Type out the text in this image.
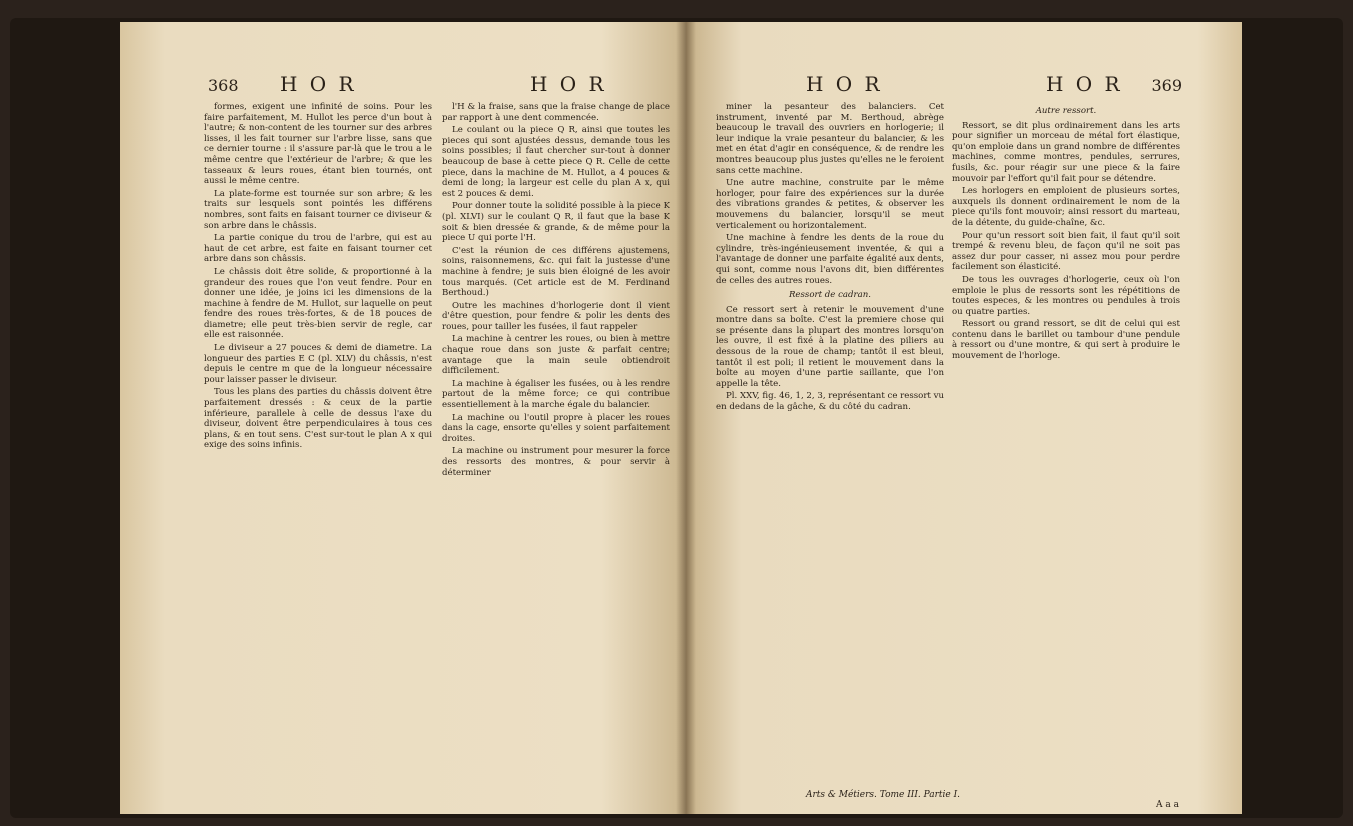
368 H O R	H O R

formes, exigent une infinité de soins. Pour les faire parfaitement, M. Hullot les perce d'un bout à l'autre; & non-content de les tourner sur des arbres lisses, il les fait tourner sur l'arbre lisse, sans que ce dernier tourne : il s'assure par-là que le trou a le même centre que l'extérieur de l'arbre; & que les tasseaux & leurs roues, étant bien tournés, ont aussi le même centre.

La plate-forme est tournée sur son arbre; & les traits sur lesquels sont pointés les différens nombres, sont faits en faisant tourner ce diviseur & son arbre dans le châssis.

La partie conique du trou de l'arbre, qui est au haut de cet arbre, est faite en faisant tourner cet arbre dans son châssis.

Le châssis doit être solide, & proportionné à la grandeur des roues que l'on veut fendre. Pour en donner une idée, je joins ici les dimensions de la machine à fendre de M. Hullot, sur laquelle on peut fendre des roues très-fortes, & de 18 pouces de diametre; elle peut très-bien servir de regle, car elle est raisonnée.

Le diviseur a 27 pouces & demi de diametre. La longueur des parties E C (pl. XLV) du châssis, n'est depuis le centre m que de la longueur nécessaire pour laisser passer le diviseur.

Tous les plans des parties du châssis doivent être parfaitement dressés : & ceux de la partie inférieure, parallele à celle de dessus l'axe du diviseur, doivent être perpendiculaires à tous ces plans, & en tout sens. C'est sur-tout le plan A x qui exige des soins infinis.

l'H & la fraise, sans que la fraise change de place par rapport à une dent commencée.

Le coulant ou la piece Q R, ainsi que toutes les pieces qui sont ajustées dessus, demande tous les soins possibles; il faut chercher sur-tout à donner beaucoup de base à cette piece Q R. Celle de cette piece, dans la machine de M. Hullot, a 4 pouces & demi de long; la largeur est celle du plan A x, qui est 2 pouces & demi.

Pour donner toute la solidité possible à la piece K (pl. XLVI) sur le coulant Q R, il faut que la base K soit & bien dressée & grande, & de même pour la piece U qui porte l'H.

C'est la réunion de ces différens ajustemens, soins, raisonnemens, &c. qui fait la justesse d'une machine à fendre; je suis bien éloigné de les avoir tous marqués. (Cet article est de M. Ferdinand Berthoud.)

Outre les machines d'horlogerie dont il vient d'être question, pour fendre & polir les dents des roues, pour tailler les fusées, il faut rappeler

La machine à centrer les roues, ou bien à mettre chaque roue dans son juste & parfait centre; avantage que la main seule obtiendroit difficilement.

La machine à égaliser les fusées, ou à les rendre partout de la même force; ce qui contribue essentiellement à la marche égale du balancier.

La machine ou l'outil propre à placer les roues dans la cage, ensorte qu'elles y soient parfaitement droites.

La machine ou instrument pour mesurer la force des ressorts des montres, & pour servir à déterminer

H O R	H O R 369

miner la pesanteur des balanciers. Cet instrument, inventé par M. Berthoud, abrège beaucoup le travail des ouvriers en horlogerie; il leur indique la vraie pesanteur du balancier, & les met en état d'agir en conséquence, & de rendre les montres beaucoup plus justes qu'elles ne le feroient sans cette machine.

Une autre machine, construite par le même horloger, pour faire des expériences sur la durée des vibrations grandes & petites, & observer les mouvemens du balancier, lorsqu'il se meut verticalement ou horizontalement.

Une machine à fendre les dents de la roue du cylindre, très-ingénieusement inventée, & qui a l'avantage de donner une parfaite égalité aux dents, qui sont, comme nous l'avons dit, bien différentes de celles des autres roues.

Ressort de cadran.

Ce ressort sert à retenir le mouvement d'une montre dans sa boîte. C'est la premiere chose qui se présente dans la plupart des montres lorsqu'on les ouvre, il est fixé à la platine des piliers au dessous de la roue de champ; tantôt il est bleui, tantôt il est poli; il retient le mouvement dans la boîte au moyen d'une partie saillante, que l'on appelle la tête.

Pl. XXV, fig. 46, 1, 2, 3, représentant ce ressort vu en dedans de la gâche, & du côté du cadran.

Autre ressort.

Ressort, se dit plus ordinairement dans les arts pour signifier un morceau de métal fort élastique, qu'on emploie dans un grand nombre de différentes machines, comme montres, pendules, serrures, fusils, &c. pour réagir sur une piece & la faire mouvoir par l'effort qu'il fait pour se détendre.

Les horlogers en emploient de plusieurs sortes, auxquels ils donnent ordinairement le nom de la piece qu'ils font mouvoir; ainsi ressort du marteau, de la détente, du guide-chaîne, &c.

Pour qu'un ressort soit bien fait, il faut qu'il soit trempé & revenu bleu, de façon qu'il ne soit pas assez dur pour casser, ni assez mou pour perdre facilement son élasticité.

De tous les ouvrages d'horlogerie, ceux où l'on emploie le plus de ressorts sont les répétitions de toutes especes, & les montres ou pendules à trois ou quatre parties.

Ressort ou grand ressort, se dit de celui qui est contenu dans le barillet ou tambour d'une pendule à ressort ou d'une montre, & qui sert à produire le mouvement de l'horloge.

Arts & Métiers. Tome III. Partie I.
A a a
